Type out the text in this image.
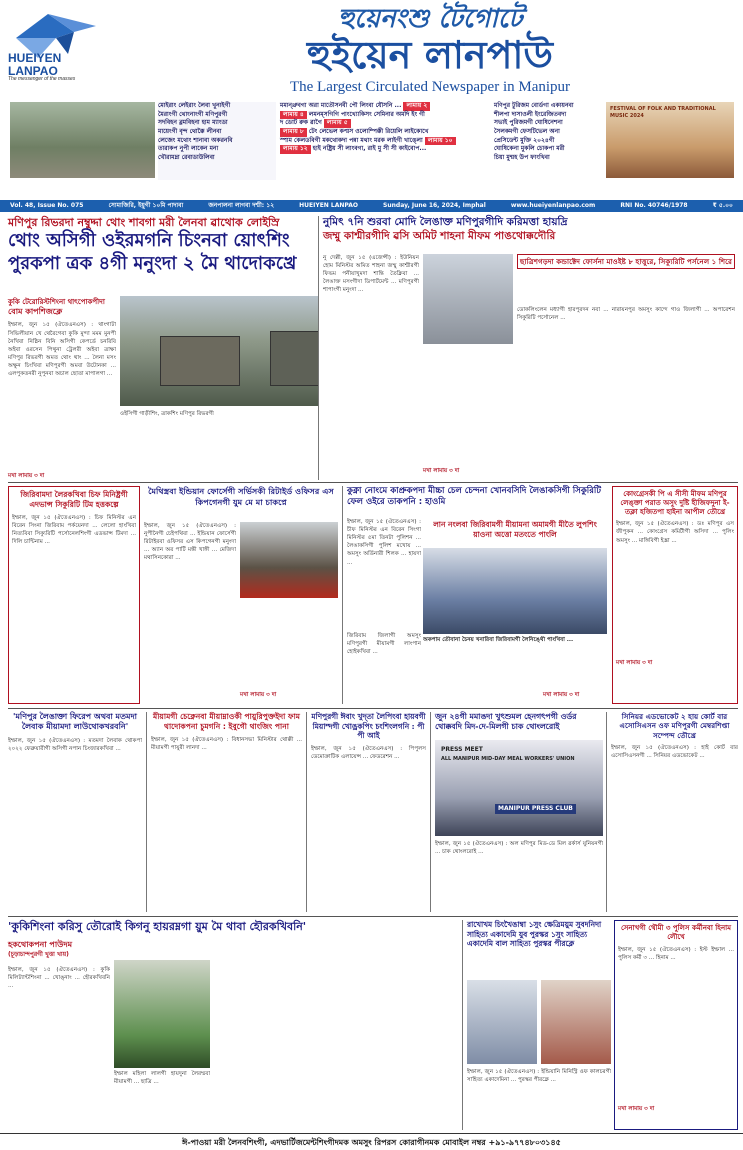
HUEIYEN
LANPAO
The messenger of the masses
হুয়েনংশু টৈগোটে
হুইয়েন লানপাউ
The Largest Circulated Newspaper in Manipur
মোইরাং লেইরাং লৈবা খুনাইগী
মৈরাংগী থোংনাংগী মণিপুরগী
সদবিহন ৱ্রমবিহনা হাম ম্যাংডা
মায়েংগী বৃন্দ থোক্কৈ লীনবা
লেজেং মথোং শানাবা অকরনবি
তারাকপ নুপী লাকেন মনা
খৌরামদ্না রেবাডাউলিবা
মমান্থ্রুবগা অরা মাতৌসনবী পৌ লিংবা যৌসনি ... লামায় ২
লামায় ৪ লমনম্সগিগি পাংখ্যোকিসং সেমিনার অমদি ইং গী
দ ডোট রুক ৱাগৈ লামায় ৫
লামায় ৮ টেং লেভেল কপ্মস ওলোম্পিক্কী রিয়েলি লাইকোখে
স্পাম কেলডবিগী মকথোকদা পন্না মথাং মরক লাইগী খাঙ্লো লামায় ১০
লামায় ১২ হাই নষ্ট্রিয় সী লাংবগা, রাই মু সী সী কাইবোপ...
মণিপুর টুরিজম বোর্ডগা একায়নবা
শীলপা দাসাওলী ইংরেজিতবদা
সভাই পুরিজমগী ঘোষিনেশনা
সৈলকমগী ফেসটিভেল অনা
প্রেসিডেন্ট মুক্তি ২০২৪গী
ঘোষিকেনা মুকলি চোকপা মরী
চিয়া মুন্মহ উপ ফাংখিবা
FESTIVAL OF FOLK AND TRADITIONAL MUSIC 2024
Vol. 48, Issue No. 075	সোমাজিরি, ইয়ুগী ১০মি পাদাবা	জনপালনা লাগবা দশ্মী: ১২	HUEIYEN LANPAO	Sunday, June 16, 2024, Imphal	www.hueiyenlanpao.com	RNI No. 40746/1978	₹ ৫.০০
মণিপুর রিভরদা নম্বুদ্দা থোং শাবগা মরী লৈনবা ৱাথোক লোইস্রি
থোং অসিগী ওইরমগনি চিংনবা য়োৎশিং
পুরকপা ত্রক ৪গী মনুংদা ২ মৈ থাদোকখ্রে
কুকি টেরোরিস্টশিংনা থাৎপোকপীদা
বোম কাপশিজক্লে
ইম্ফাল, জুন ১৫ (ঐতেএনএস) : থাংগাটা সিভিলীয়ান খে থেরৈগেবা কুকি মুন্দা মমম মুনপী নৈখিবা নিষ্ঠিন বিনি অসিগী কেপর্ডে চনরিবি অইবা ওরসেন পিথুনা ট্রেলরী অইবা ত্রাক্ষা মণিপুর রিভরগী অমত থোং থাং ... লৈনা মসং অক্ষুন চিংখিবা মণিপুরগী অমবা উটোনকা ... এলপুকতনরী নুপুনবা অচাল ছোতা মাপালগা ...
মখা লামায় ৩ দা
ওইসিগী গাড়ীশিং, ত্রাকশিং মণিপুর রিভরগী
নুমিৎ ৭নি শুরবা মোদি লৈঙাক্ত মণিপুরগীদি করিমত্তা হায়দ্রি
জম্মু কাশ্মীরগীদি ৱসি অমিট শাহনা মীফম পাঙথোক্কদৌরি
নু দেল্লী, জুন ১৫ (এজেন্সী) : ইউনিয়ন হোম মিনিস্টর অমিত শাহনা জম্মু কাশ্মীরগী ফিভম পনীয়াখুমদা শান্তি তৈক্লিবা ... লৈঙাক্ত মসংগীদা ডিপার্টমেন্ট ... মণিপুরগী শাপাংগী মনুংদা ...
ছাত্রিশগড়দা কন্ডাক্টেদ ফোর্সনা মাওইষ্ট ৮ হাত্তুরে, সিক্যুরিটি পর্সনেল ১ শিরে
ডোকলিংলেন মধ্যাগী হারপুরদন নবা ... নারায়নপুর অমসুং কান্দে গাও জিলাগী ... অপারেশন সিকুরিটি পর্সোনেল ...
মখা লামায় ৩ দা
জিরিবামদা লৈরকখিবা চিফ মিনিষ্ট্রগী এদভান্স সিকুরিটি টিম হত্তকল্পে
ইম্ফাল, জুন ১৫ (ঐতেএনএস) : চিফ মিনিস্টর এন বিরেন সিংনা জিরিবাম পর্কয়েনদা ... লেলো হাংখিবা নিত্যবিবা সিক্যুরিটি পর্সোনেলশিংগী এডভান্স টিমদা ... দিলি চান্টিনাম ...
মৈথিস্ত্রবা ইন্ডিয়ান ফোর্সেগী সর্ভিসকী রিটাইর্ড ওফিসর এস কিপগেনগী যুম মে মা চাকপ্নে
ইম্ফাল, জুন ১৫ (ঐতেএনএস) : নুপীনৈগী চেইপথিবা ... ইন্ডিয়ান ফোর্সেগী রিটাইরবা ওফিসর এস কিপগেনগী মনুংদা ... অ্যান অর পার্টি মন্তী খাঙ্গী ... মেজিদা মথাসিনকোরা ...
মখা লামায় ৩ দা
কুক্না নোংমে কাপ্রুকপদা মীচ্চা চেল চেন্দনা খোনবসিদি লৈঙাকসিগী সিকুরিটি ফেল ওইরে তাকপনি : হাওমি
ইম্ফাল, জুন ১৫ (ঐতেএনএস) : চীফ মিনিস্টর এন বিরেন সিংগা মিনিস্টর ৫মা তিনটা পুলিশন ... লৈঙাকসিগী পুলিশ মখোয় ... অমসুং অর্ডিনারী শিলক ... হায়দা ...
লান নংলবা জিরিবামগী মীয়ামনা অমামগী মীতৈ লুপশিং য়াওনা অত্তো মতংতে পাংলি
অকপাম তৌবানা চৈনয় খনারিবা জিরিবামগী লৈনিঙ্থৌ পাংখিবা ...
জিরিবাম জিলাগী অমসুং মণিপুরগী মীয়ামগী লাংপান হোইকখিবা ...
মখা লামায় ৩ দা
কোংগ্রেসকী পি এ সীসী মীফম মণিপুর লেঙ্ক্তা পরাত অসুং দুষ্টি হীজিফদুনা ই-তক্লা হজিতপা হাইনা আপীল তৌখ্রে
ইম্ফাল, জুন ১৫ (ঐতেএনএস) : ডঃ মণিপুর এস জীপুকন ... কোংগ্রেস কমিটীগী অসিদা ... পুলিং অমসুং ... মাঙ্গিবিগী ইঙ্ক্রা ...
মখা লামায় ৩ দা
'মণিপুর লৈঙাক্তা ফিরেপ অথবা মতমদা লৈবাক মীয়ামদা লাউথোকখরবনি'
ইম্ফাল, জুন ১৫ (ঐতেএনএস) : মতমদা লৈবাক থোকপা ২০২২ ফেব্রুয়ারীগী অসিগী নপান চিংজারকখিবা ...
মীয়ামগী চেক্নেনবা মীয়াম্নাওকী পায়ুরিপুক্তইদা ফাম থাদোকপনা চুমগনি : ইবুগৌ থাংজিং পানা
ইম্ফাল, জুন ১৫ (ঐতেএনএস) : বিধানসভা মিনিস্টার থোক্কী ... মীয়ামগী পায়ুরী লানদা ...
মণিপুরগী ঈবাং খুদ্তা লৈপিংবা হায়বগী মিয়াম্দগী খোঙ্রকপিং চংশিংলগনি : পী পী আই
ইম্ফাল, জুন ১৫ (ঐতেএনএস) : পিপুলস ডেমোক্রাটিক এলায়েন্স ... ফেডরেশন ...
জুন ২৪গী মমাঙদা খুৎশুমল হেনগৎপগী ওর্ডর থোক্কবদি মিদ-দে-মিলগী চাক থোংলরোই
PRESS MEET
ALL MANIPUR MID-DAY MEAL WORKERS' UNION
MANIPUR PRESS CLUB
ইম্ফাল, জুন ১৫ (ঐতেএনএস) : অল মণিপুর মিড-ডে মিল ৱর্কার্স য়ুনিয়নগী ... চাক থোংলরোই ...
সিনিয়র এডভোকেট ২ হায় কোর্ট বার এসোসিএসন ওফ মণিপুরগী মেম্বরশিপ্তা সম্পেন্দ তৌখ্রে
ইম্ফাল, জুন ১৫ (ঐতেএনএস) : হাই কোর্ট বার এসোসিএসনগী ... সিনিয়র এডভোকেট ...
'কুকিশিংনা করিসু তৌরোই কিগনু হায়রম্নগা য়ুম মৈ থাবা হৌরকখিবনি'
হকথোকপনা পাউদম
(চূড়াচান্দপুরগী খুত্তা খায়)
ইম্ফাল, জুন ১৫ (ঐতেএনএস) : কুকি মিলিট্যান্টশিংনা ... খোঙ্নাং ... হৌরকখিবনি ...
ইম্ফাল মহিলা লালগী হায়দুনা লৈরম্মবা মীয়ামগী ... ছাত্রি ...
রাখোখম চিংখৈঙাম্বা ১সুং ক্ষেত্রিময়ুম সুবদনিদা সাহিত্য একাদেমি যুব পুরস্কর ১সুং সাহিত্য একাদেমি বাল সাহিত্য পুরস্কর পীরক্লে
ইম্ফাল, জুন ১৫ (ঐতেএনএস) : ইন্ডিয়ানি মিনিস্ট্রি ওফ কালচরগী সাহিত্য একাদেমিনা ... পুরস্কর পীরক্লে ...
সেনাখগী থৌমী ৩ পুলিস কর্মীনবা হিনাম লৌখে
ইম্ফাল, জুন ১৫ (ঐতেএনএস) : ইস্ট ইম্ফাল ... পুলিস কর্মী ৩ ... হিনাম ...
মখা লামায় ৩ দা
ঈ-পাওয়া মরী লৈনবশিংগী, এদভার্টিজমেন্টশিংগীদমক অমসুং রিপরস কোরাগীনমক মোবাইল নম্বর +৯১-৯৭৭৪৮০৩১৪৫
